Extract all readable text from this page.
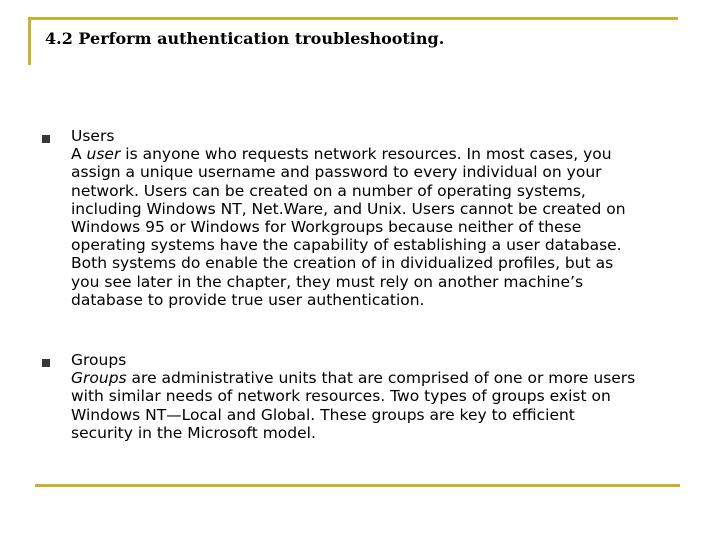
4.2 Perform authentication troubleshooting.
Users
A user is anyone who requests network resources. In most cases, you
assign a unique username and password to every individual on your
network. Users can be created on a number of operating systems,
including Windows NT, Net.Ware, and Unix. Users cannot be created on
Windows 95 or Windows for Workgroups because neither of these
operating systems have the capability of establishing a user database.
Both systems do enable the creation of in dividualized profiles, but as
you see later in the chapter, they must rely on another machine’s
database to provide true user authentication.
Groups
Groups are administrative units that are comprised of one or more users
with similar needs of network resources. Two types of groups exist on
Windows NT—Local and Global. These groups are key to efficient
security in the Microsoft model.
